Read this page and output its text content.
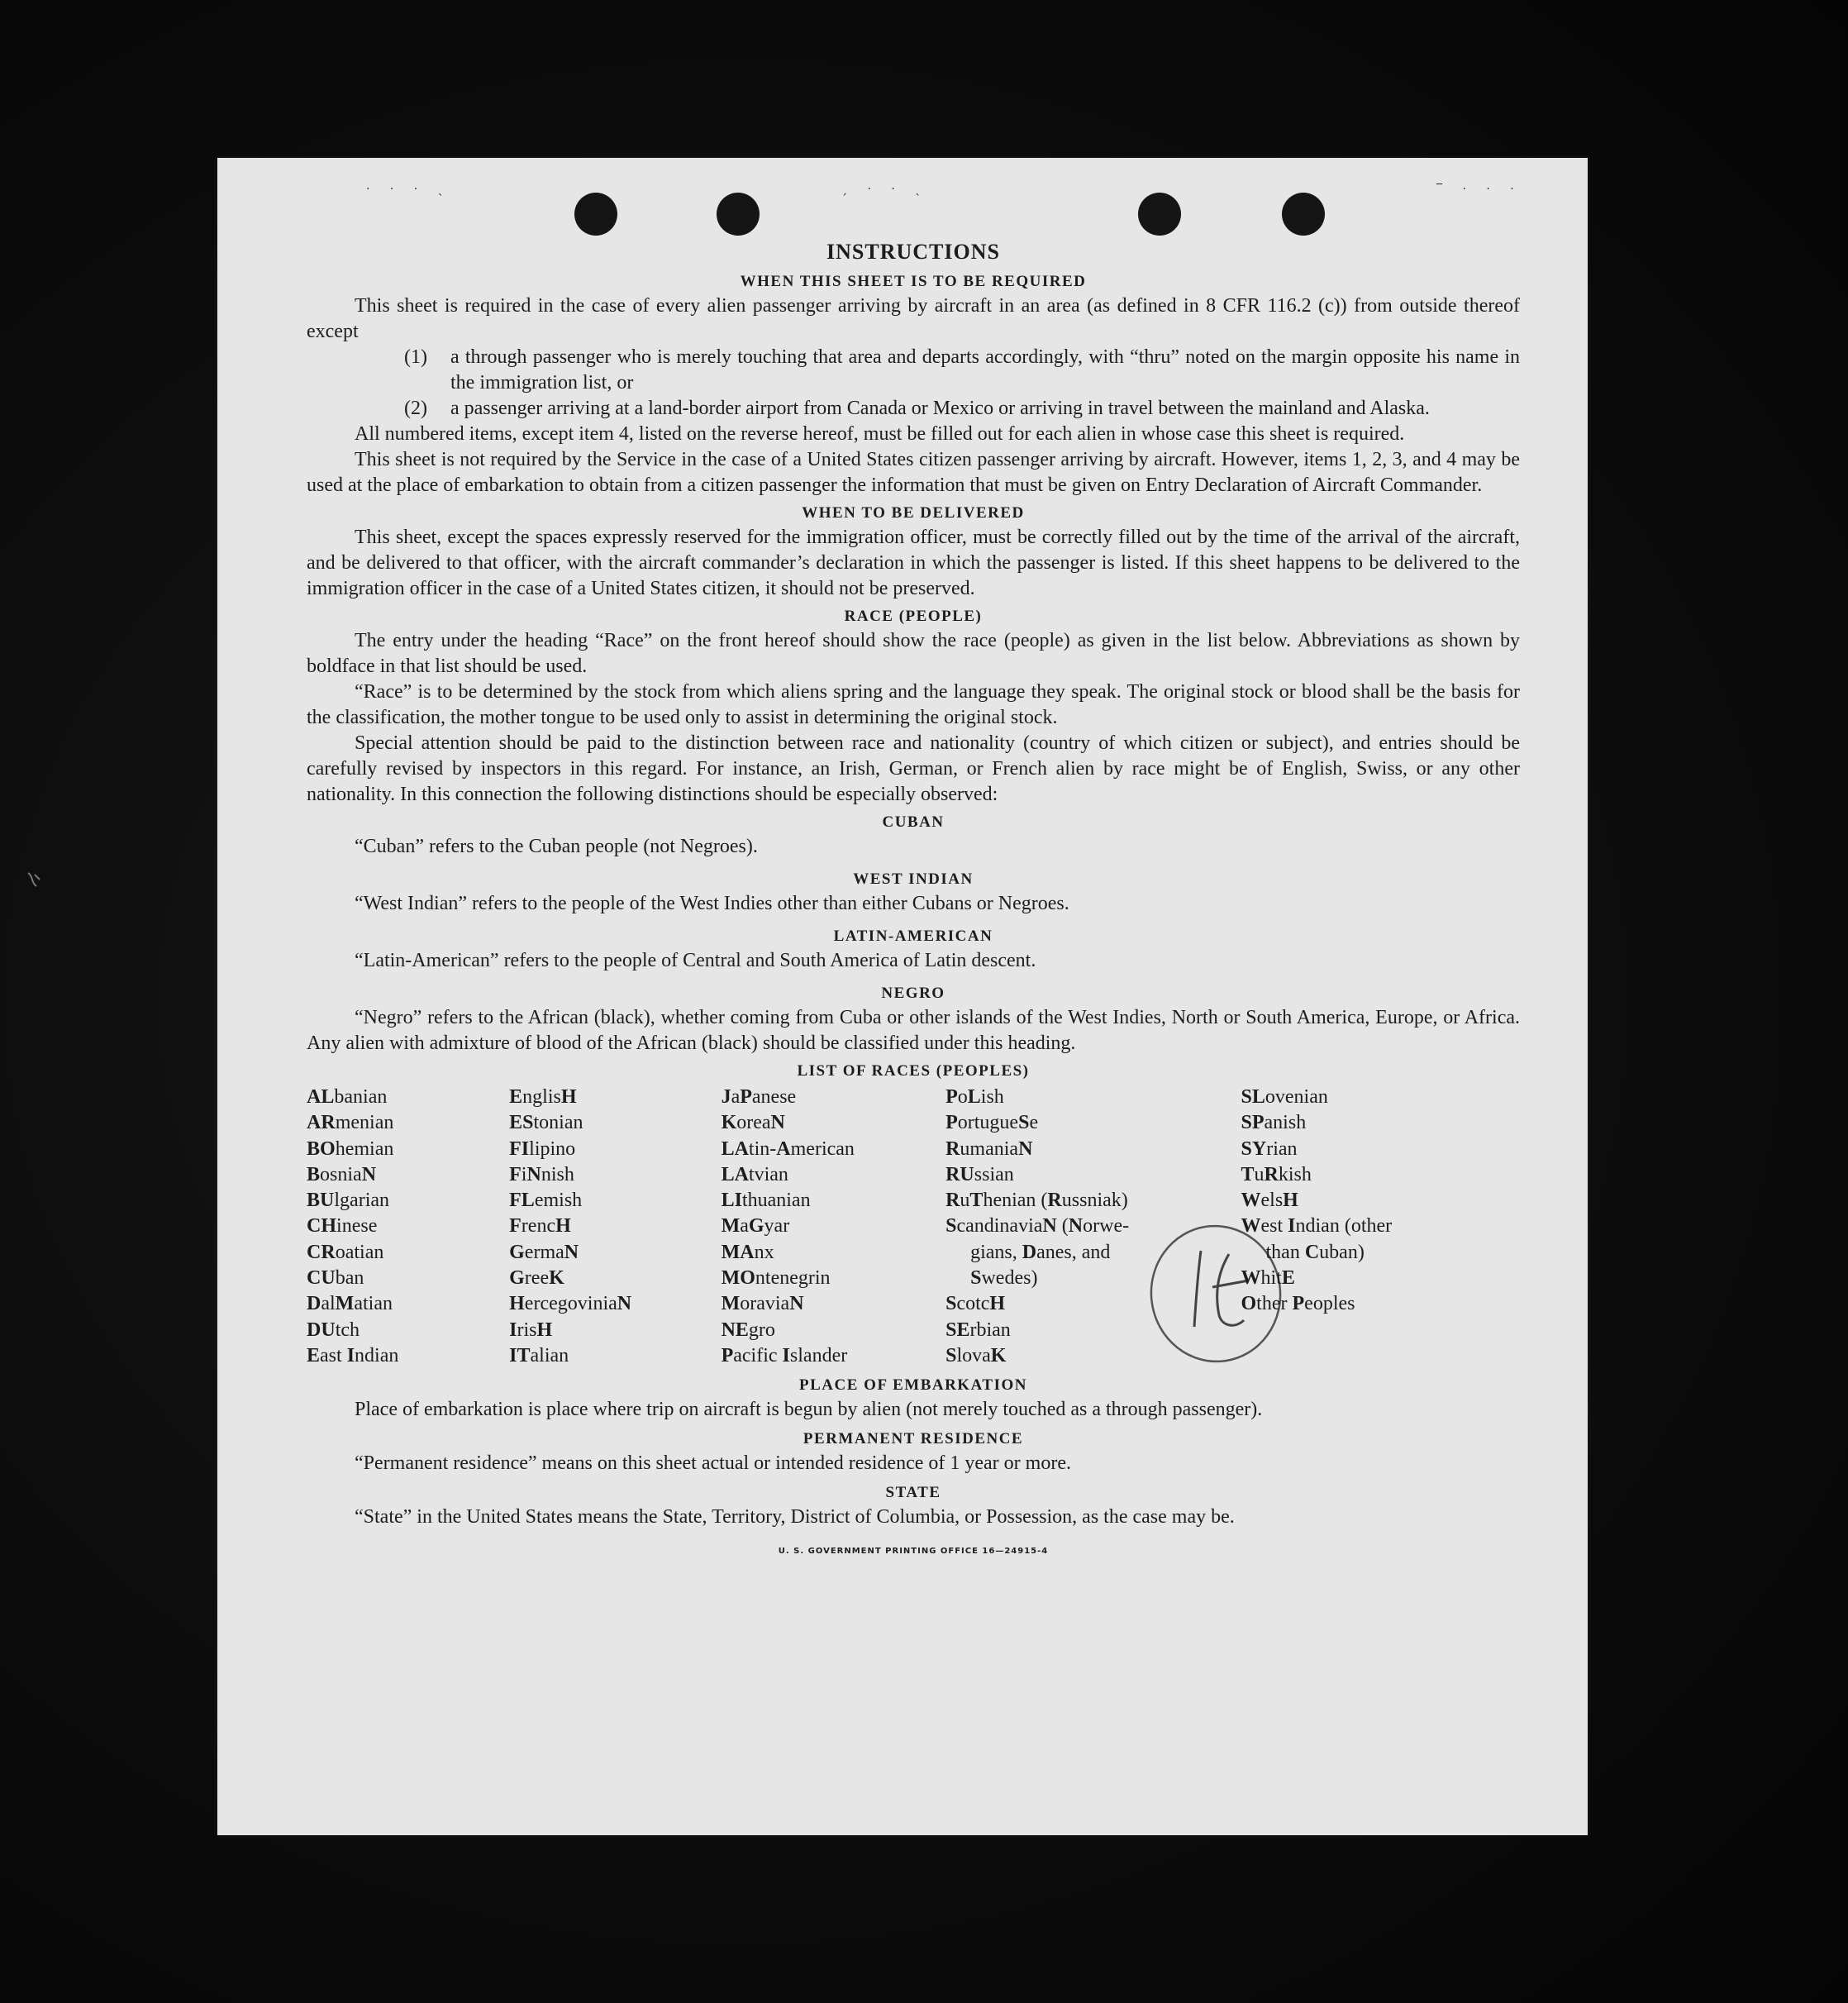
· · · ˎ	ˏ · · ˎ	‾ · · ·
INSTRUCTIONS
WHEN THIS SHEET IS TO BE REQUIRED

This sheet is required in the case of every alien passenger arriving by aircraft in an area (as defined in 8 CFR 116.2 (c)) from outside thereof except

(1) a through passenger who is merely touching that area and departs accordingly, with “thru” noted on the margin opposite his name in the immigration list, or
(2) a passenger arriving at a land-border airport from Canada or Mexico or arriving in travel between the mainland and Alaska.

All numbered items, except item 4, listed on the reverse hereof, must be filled out for each alien in whose case this sheet is required.

This sheet is not required by the Service in the case of a United States citizen passenger arriving by aircraft. However, items 1, 2, 3, and 4 may be used at the place of embarkation to obtain from a citizen passenger the information that must be given on Entry Declaration of Aircraft Commander.

WHEN TO BE DELIVERED

This sheet, except the spaces expressly reserved for the immigration officer, must be correctly filled out by the time of the arrival of the aircraft, and be delivered to that officer, with the aircraft commander’s declaration in which the passenger is listed. If this sheet happens to be delivered to the immigration officer in the case of a United States citizen, it should not be preserved.

RACE (PEOPLE)

The entry under the heading “Race” on the front hereof should show the race (people) as given in the list below. Abbreviations as shown by boldface in that list should be used.

“Race” is to be determined by the stock from which aliens spring and the language they speak. The original stock or blood shall be the basis for the classification, the mother tongue to be used only to assist in determining the original stock.

Special attention should be paid to the distinction between race and nationality (country of which citizen or subject), and entries should be carefully revised by inspectors in this regard. For instance, an Irish, German, or French alien by race might be of English, Swiss, or any other nationality. In this connection the following distinctions should be especially observed:

CUBAN

“Cuban” refers to the Cuban people (not Negroes).

WEST INDIAN

“West Indian” refers to the people of the West Indies other than either Cubans or Negroes.

LATIN-AMERICAN

“Latin-American” refers to the people of Central and South America of Latin descent.

NEGRO

“Negro” refers to the African (black), whether coming from Cuba or other islands of the West Indies, North or South America, Europe, or Africa. Any alien with admixture of blood of the African (black) should be classified under this heading.

LIST OF RACES (PEOPLES)
ALbanian
ARmenian
BOhemian
BosniaN
BUlgarian
CHinese
CRoatian
CUban
DalMatian
DUtch
East Indian
EnglisH
EStonian
FIlipino
FiNnish
FLemish
FrencH
GermaN
GreeK
HercegoviniaN
IrisH
ITalian
JaPanese
KoreaN
LAtin-American
LAtvian
LIthuanian
MaGyar
MAnx
MOntenegrin
MoraviaN
NEgro
Pacific Islander
PoLish
PortugueSe
RumaniaN
RUssian
RuThenian (Russniak)
ScandinaviaN (Norwe-
gians, Danes, and
Swedes)
ScotcH
SErbian
SlovaK
SLovenian
SPanish
SYrian
TuRkish
WelsH
West Indian (other
than Cuban)
WhitE
Other Peoples
PLACE OF EMBARKATION

Place of embarkation is place where trip on aircraft is begun by alien (not merely touched as a through passenger).

PERMANENT RESIDENCE

“Permanent residence” means on this sheet actual or intended residence of 1 year or more.

STATE

“State” in the United States means the State, Territory, District of Columbia, or Possession, as the case may be.

U. S. GOVERNMENT PRINTING OFFICE 16—24915-4
